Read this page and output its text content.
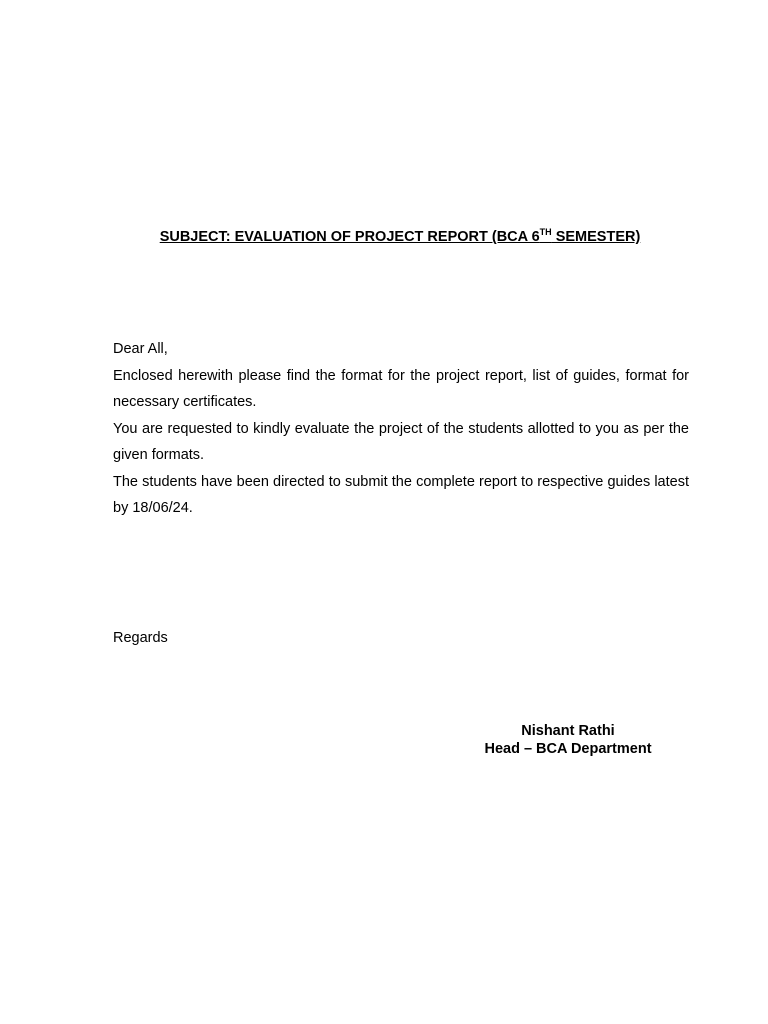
SUBJECT: EVALUATION OF PROJECT REPORT (BCA 6TH SEMESTER)

Dear All,

Enclosed herewith please find the format for the project report, list of guides, format for necessary certificates.

You are requested to kindly evaluate the project of the students allotted to you as per the given formats.

The students have been directed to submit the complete report to respective guides latest by 18/06/24.

Regards
Nishant Rathi
Head – BCA Department
